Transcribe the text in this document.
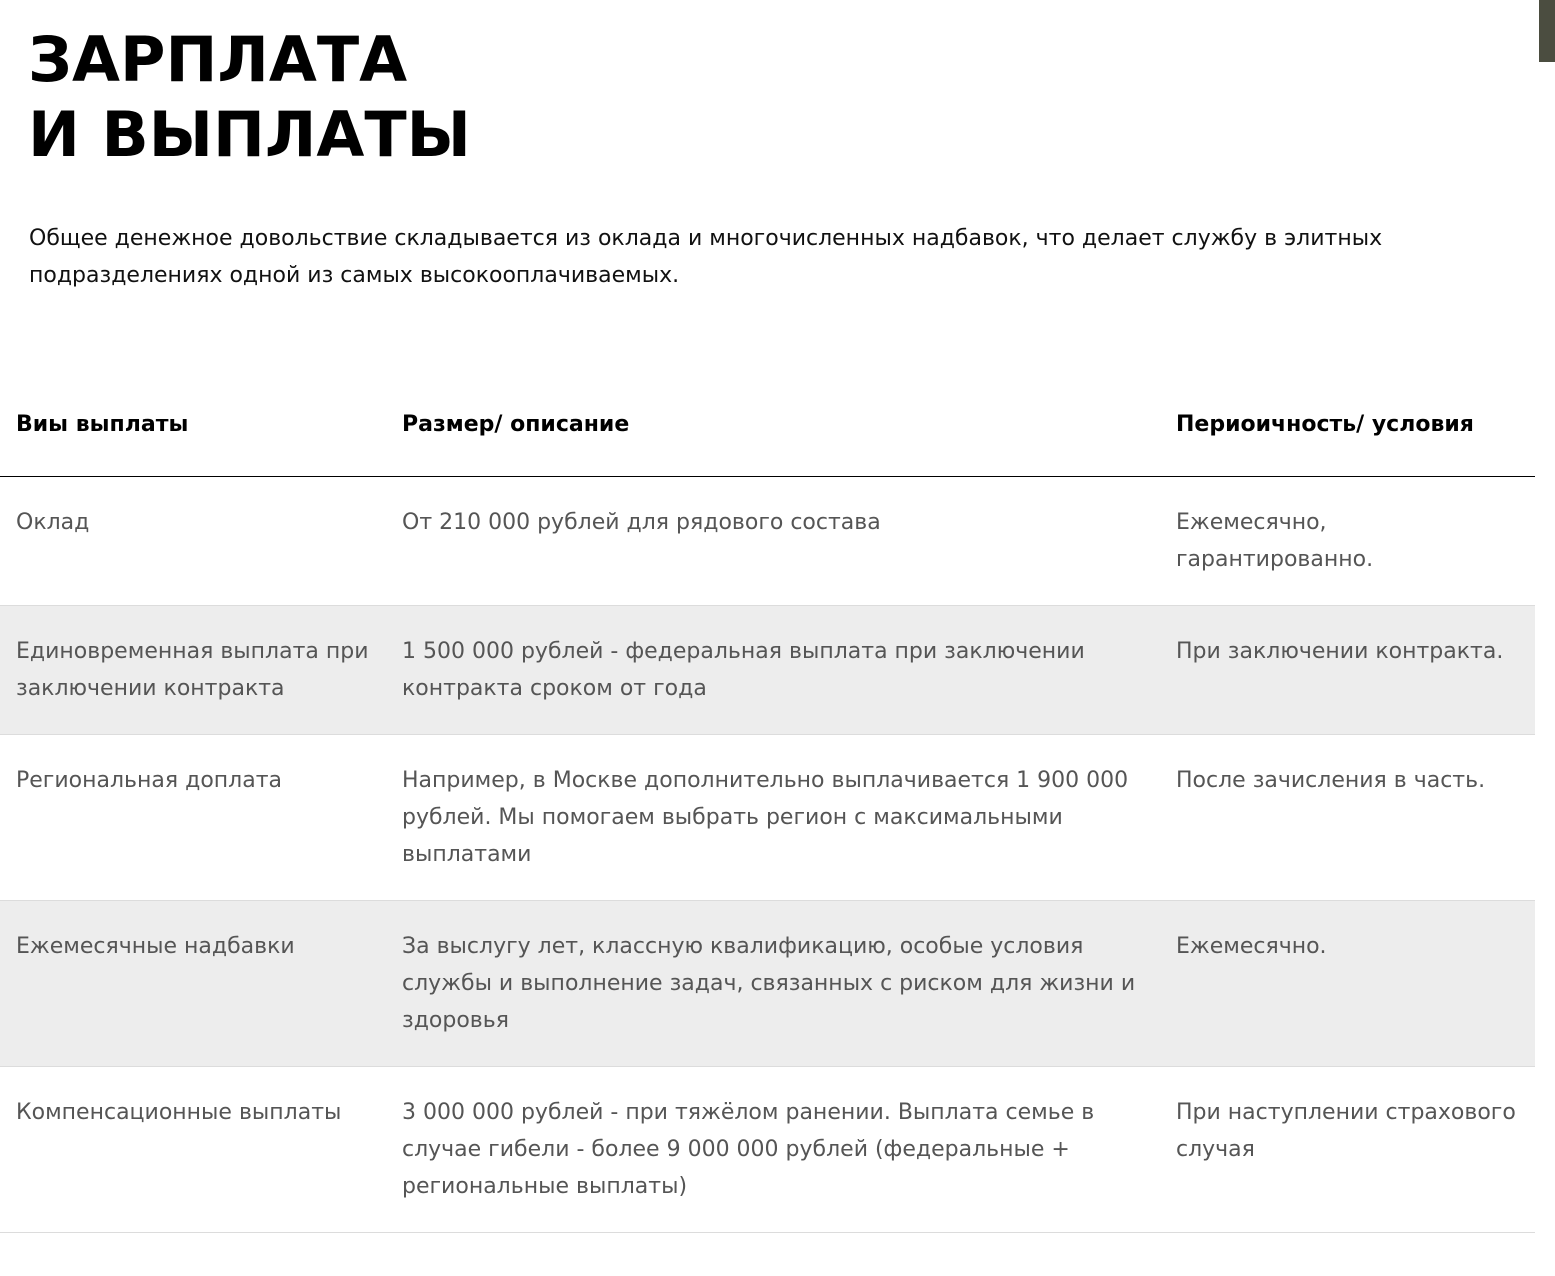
ЗАРПЛАТА
И ВЫПЛАТЫ

Общее денежное довольствие складывается из оклада и многочисленных надбавок, что делает службу в элитных подразделениях одной из самых высокооплачиваемых.

Виы выплаты	Размер/ описание	Периоичность/ условия
Оклад	От 210 000 рублей для рядового состава	Ежемесячно, гарантированно.
Единовременная выплата при заключении контракта	1 500 000 рублей - федеральная выплата при заключении контракта сроком от года	При заключении контракта.
Региональная доплата	Например, в Москве дополнительно выплачивается 1 900 000 рублей. Мы помогаем выбрать регион с максимальными выплатами	После зачисления в часть.
Ежемесячные надбавки	За выслугу лет, классную квалификацию, особые условия службы и выполнение задач, связанных с риском для жизни и здоровья	Ежемесячно.
Компенсационные выплаты	3 000 000 рублей - при тяжёлом ранении. Выплата семье в случае гибели - более 9 000 000 рублей (федеральные + региональные выплаты)	При наступлении страхового случая
